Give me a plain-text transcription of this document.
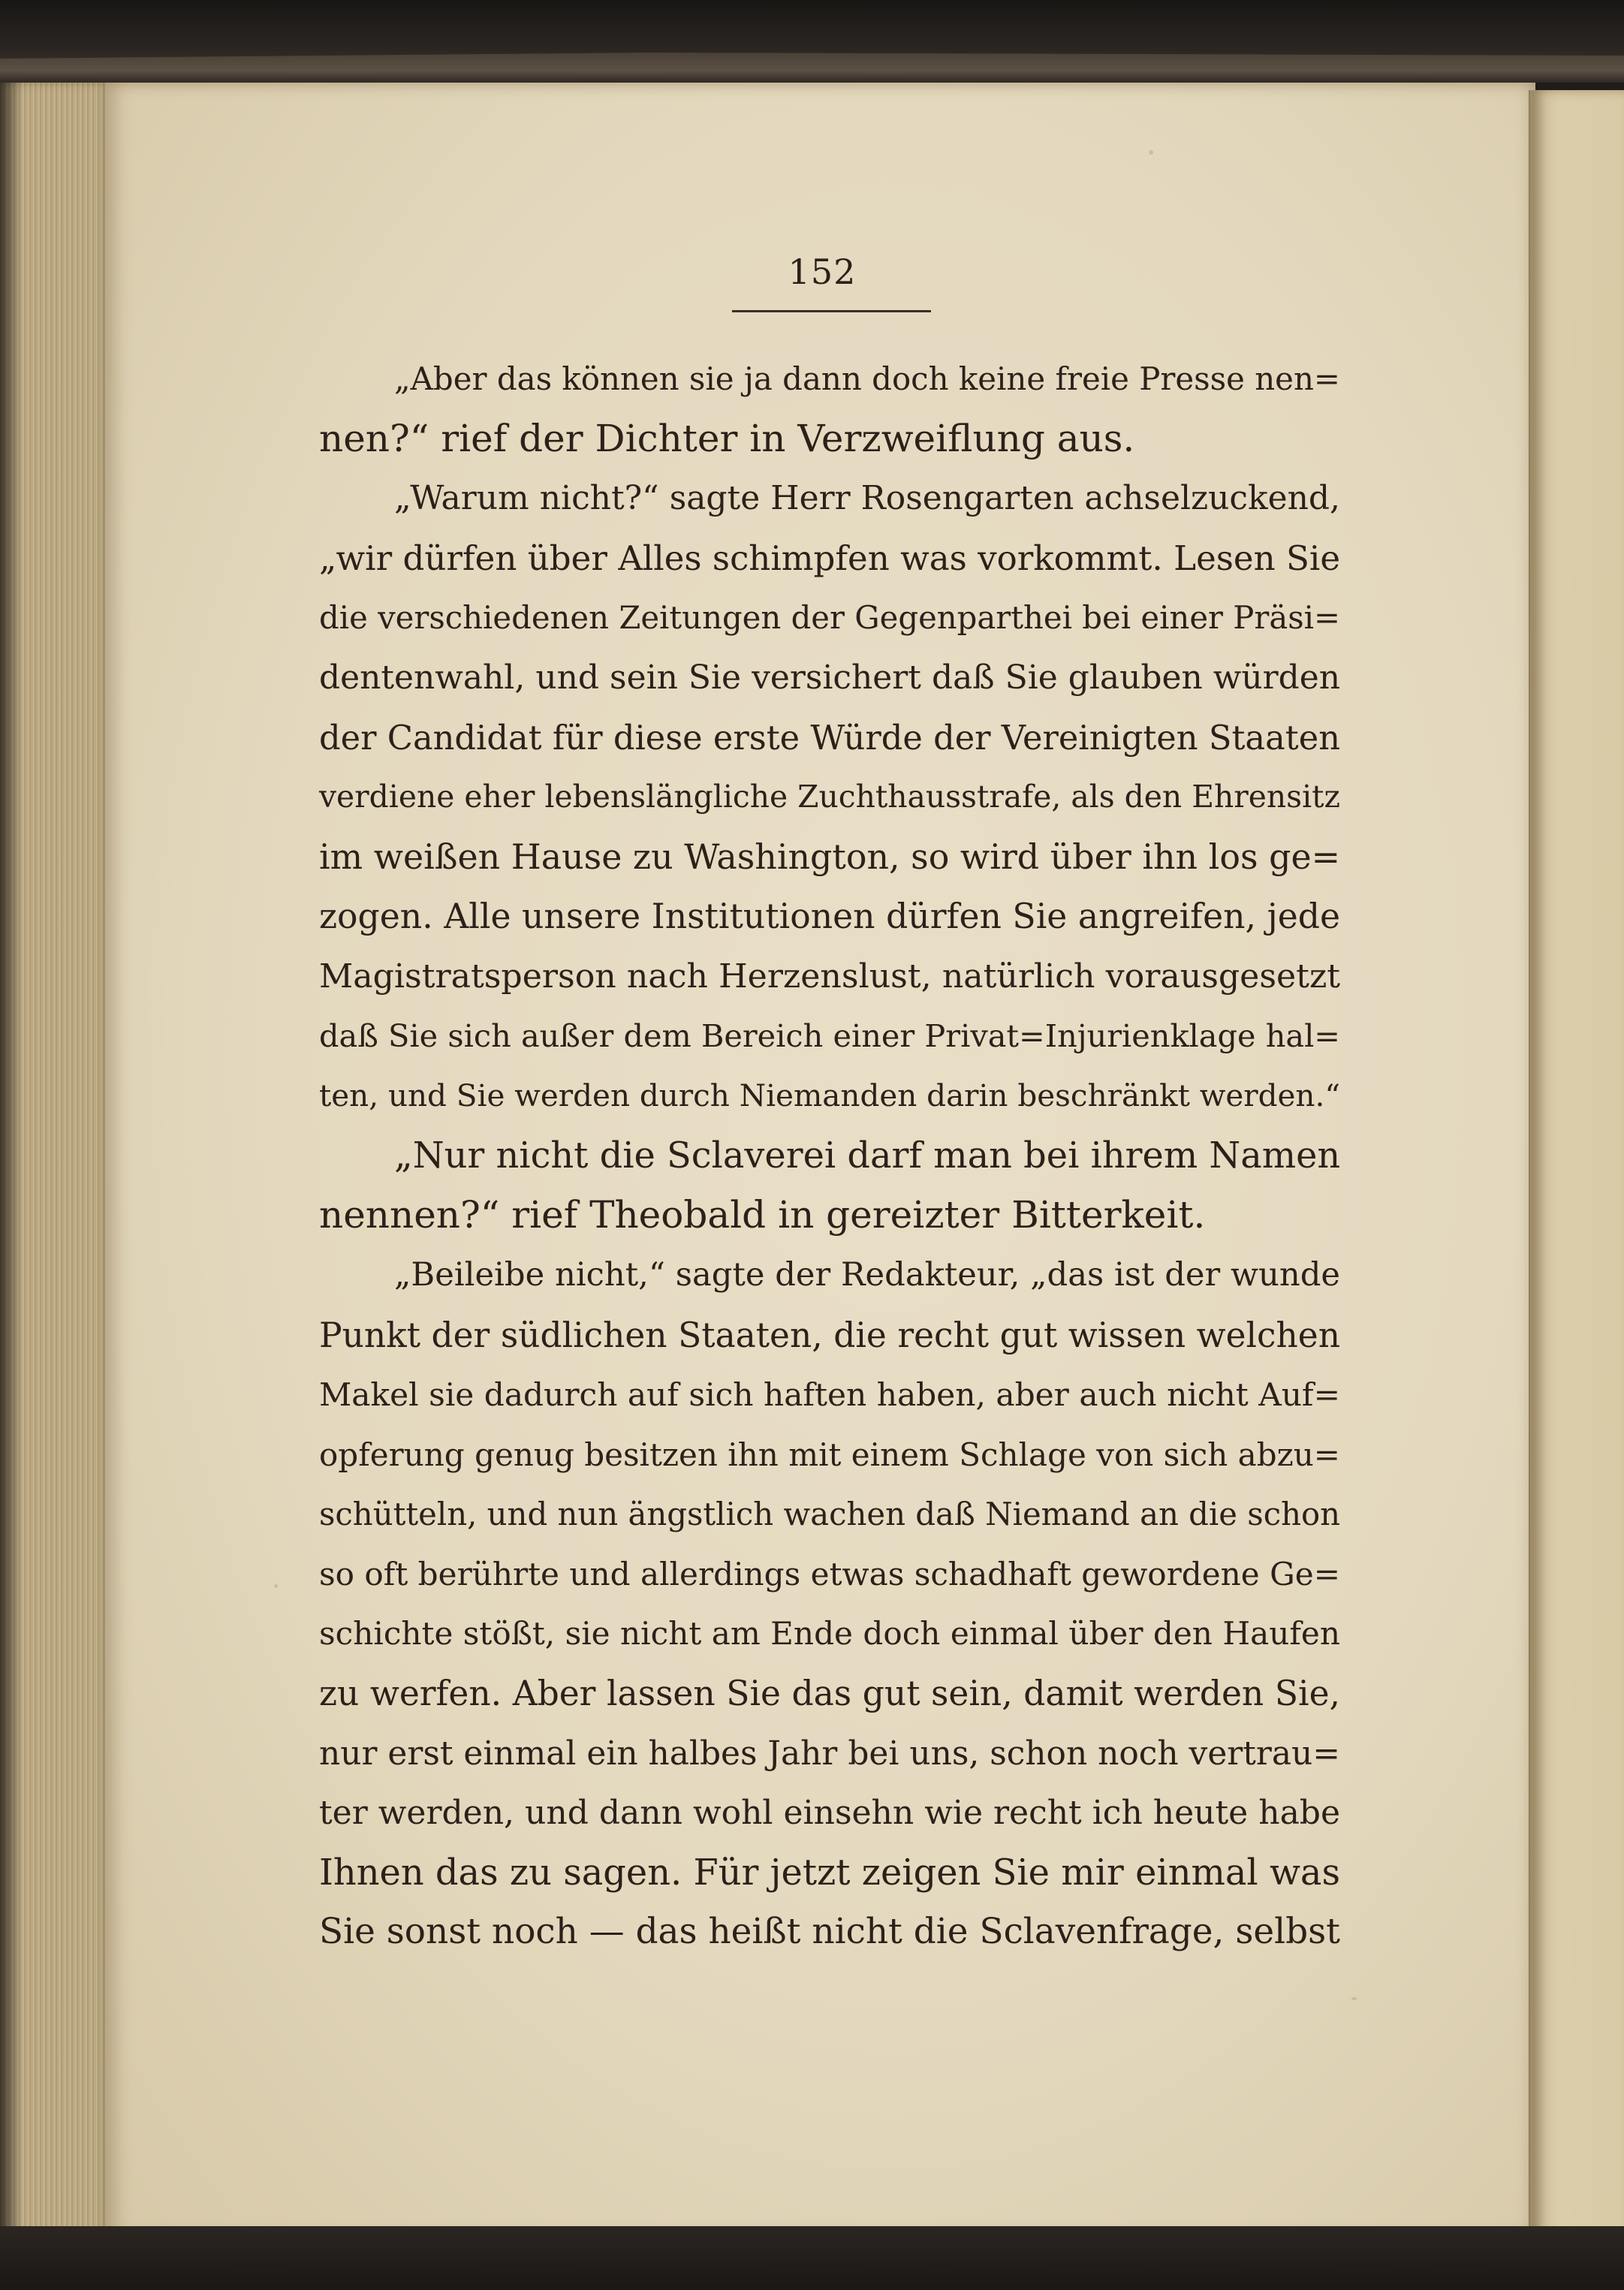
152
„Aber das können sie ja dann doch keine freie Presse nen=
nen?“ rief der Dichter in Verzweiflung aus.
„Warum nicht?“ sagte Herr Rosengarten achselzuckend,
„wir dürfen über Alles schimpfen was vorkommt. Lesen Sie
die verschiedenen Zeitungen der Gegenparthei bei einer Präsi=
dentenwahl, und sein Sie versichert daß Sie glauben würden
der Candidat für diese erste Würde der Vereinigten Staaten
verdiene eher lebenslängliche Zuchthausstrafe, als den Ehrensitz
im weißen Hause zu Washington, so wird über ihn los ge=
zogen. Alle unsere Institutionen dürfen Sie angreifen, jede
Magistratsperson nach Herzenslust, natürlich vorausgesetzt
daß Sie sich außer dem Bereich einer Privat=Injurienklage hal=
ten, und Sie werden durch Niemanden darin beschränkt werden.“
„Nur nicht die Sclaverei darf man bei ihrem Namen
nennen?“ rief Theobald in gereizter Bitterkeit.
„Beileibe nicht,“ sagte der Redakteur, „das ist der wunde
Punkt der südlichen Staaten, die recht gut wissen welchen
Makel sie dadurch auf sich haften haben, aber auch nicht Auf=
opferung genug besitzen ihn mit einem Schlage von sich abzu=
schütteln, und nun ängstlich wachen daß Niemand an die schon
so oft berührte und allerdings etwas schadhaft gewordene Ge=
schichte stößt, sie nicht am Ende doch einmal über den Haufen
zu werfen. Aber lassen Sie das gut sein, damit werden Sie,
nur erst einmal ein halbes Jahr bei uns, schon noch vertrau=
ter werden, und dann wohl einsehn wie recht ich heute habe
Ihnen das zu sagen. Für jetzt zeigen Sie mir einmal was
Sie sonst noch — das heißt nicht die Sclavenfrage, selbst
